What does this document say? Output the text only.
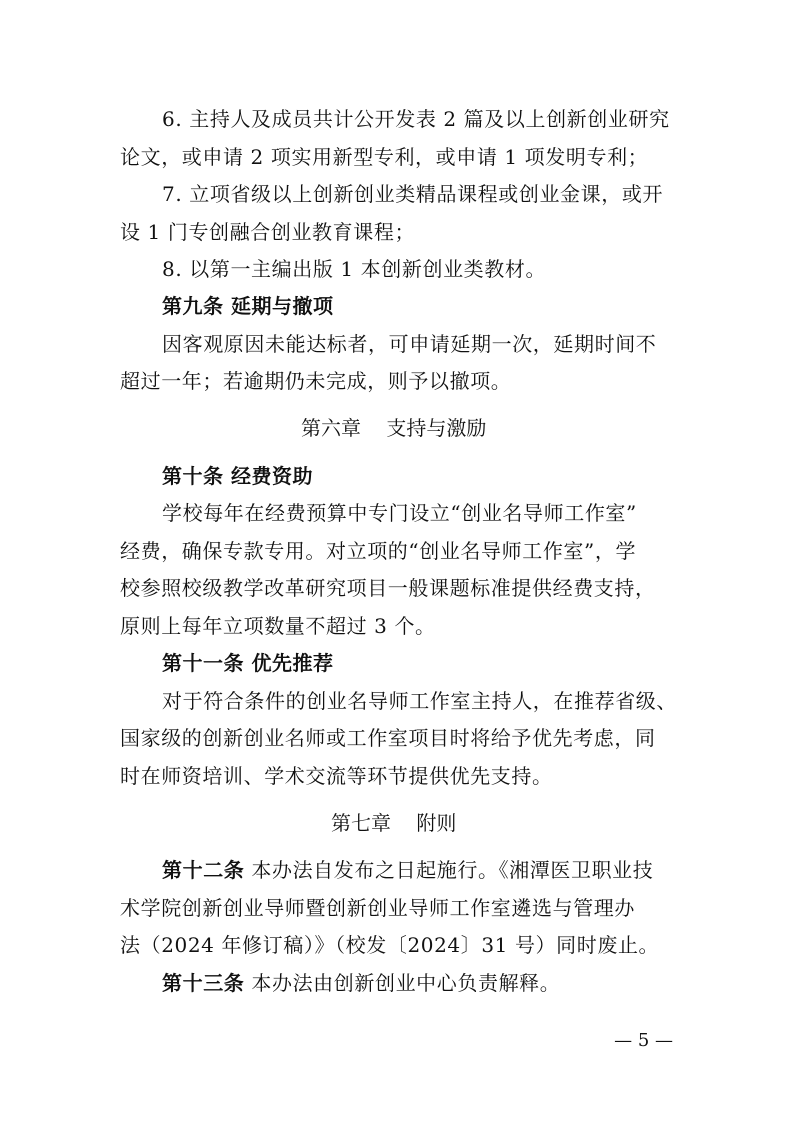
6. 主持人及成员共计公开发表 2 篇及以上创新创业研究
论文，或申请 2 项实用新型专利，或申请 1 项发明专利；
7. 立项省级以上创新创业类精品课程或创业金课，或开
设 1 门专创融合创业教育课程；
8. 以第一主编出版 1 本创新创业类教材。
第九条 延期与撤项
因客观原因未能达标者，可申请延期一次，延期时间不
超过一年；若逾期仍未完成，则予以撤项。
第六章    支持与激励
第十条 经费资助
学校每年在经费预算中专门设立“创业名导师工作室”
经费，确保专款专用。对立项的“创业名导师工作室”，学
校参照校级教学改革研究项目一般课题标准提供经费支持，
原则上每年立项数量不超过 3 个。
第十一条 优先推荐
对于符合条件的创业名导师工作室主持人，在推荐省级、
国家级的创新创业名师或工作室项目时将给予优先考虑，同
时在师资培训、学术交流等环节提供优先支持。
第七章    附则
第十二条 本办法自发布之日起施行。《湘潭医卫职业技
术学院创新创业导师暨创新创业导师工作室遴选与管理办
法（2024 年修订稿）》（校发〔2024〕31 号）同时废止。
第十三条 本办法由创新创业中心负责解释。
— 5 —
